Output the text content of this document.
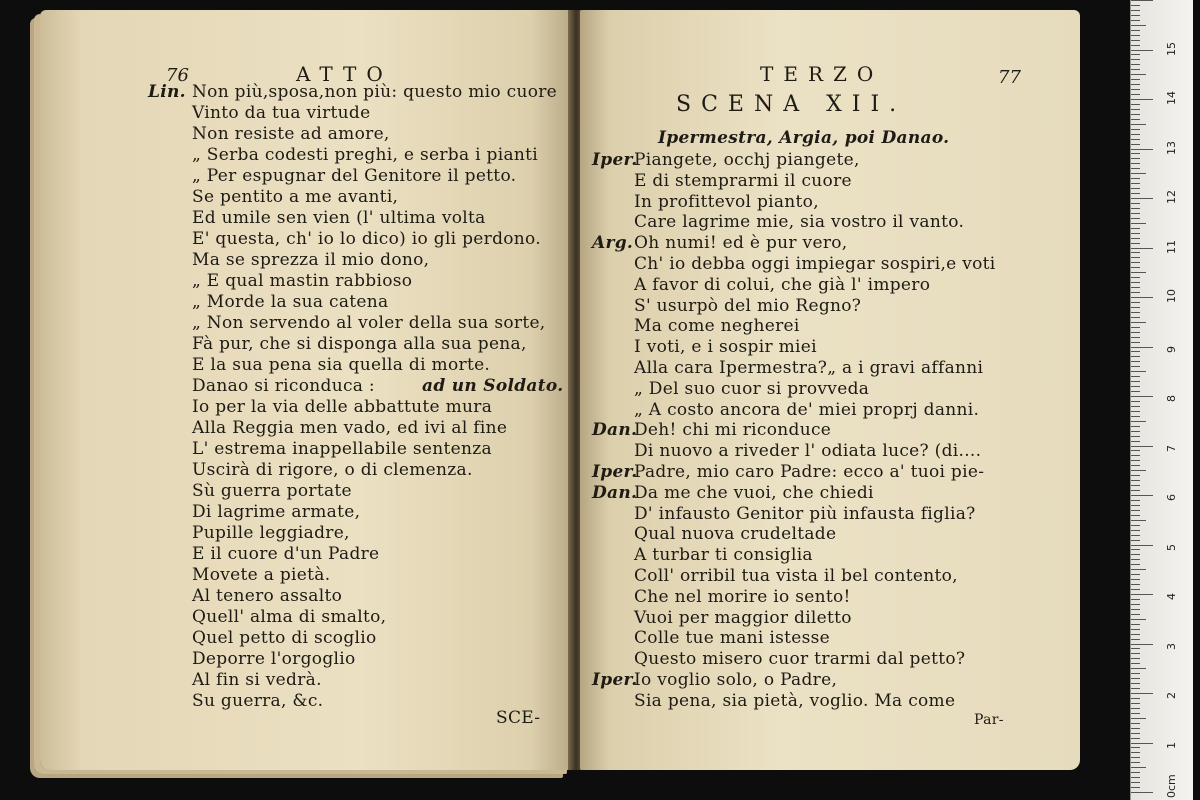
76	ATTO
Lin. Non più,sposa,non più: questo mio cuore
Vinto da tua virtude
Non resiste ad amore,
„ Serba codesti preghi, e serba i pianti
„ Per espugnar del Genitore il petto.
Se pentito a me avanti,
Ed umile sen vien (l' ultima volta
E' questa, ch' io lo dico) io gli perdono.
Ma se sprezza il mio dono,
„ E qual mastin rabbioso
„ Morde la sua catena
„ Non servendo al voler della sua sorte,
Fà pur, che si disponga alla sua pena,
E la sua pena sia quella di morte.
Danao si riconduca :	ad un Soldato.
Io per la via delle abbattute mura
Alla Reggia men vado, ed ivi al fine
L' estrema inappellabile sentenza
Uscirà di rigore, o di clemenza.
Sù guerra portate
Di lagrime armate,
Pupille leggiadre,
E il cuore d'un Padre
Movete a pietà.
Al tenero assalto
Quell' alma di smalto,
Quel petto di scoglio
Deporre l'orgoglio
Al fin si vedrà.
Su guerra, &c.
SCE-
TERZO	77
SCENA XII.
Ipermestra, Argia, poi Danao.
Iper.
Piangete, occhj piangete,
E di stemprarmi il cuore
In profittevol pianto,
Care lagrime mie, sia vostro il vanto.
Arg. Oh numi! ed è pur vero,
Ch' io debba oggi impiegar sospiri,e voti
A favor di colui, che già l' impero
S' usurpò del mio Regno?
Ma come negherei
I voti, e i sospir miei
Alla cara Ipermestra?„ a i gravi affanni
„ Del suo cuor si provveda
„ A costo ancora de' miei proprj danni.
Dan.
Deh! chi mi riconduce
Di nuovo a riveder l' odiata luce? (di....
Iper.
Padre, mio caro Padre: ecco a' tuoi pie-
Dan.
Da me che vuoi, che chiedi
D' infausto Genitor più infausta figlia?
Qual nuova crudeltade
A turbar ti consiglia
Coll' orribil tua vista il bel contento,
Che nel morire io sento!
Vuoi per maggior diletto
Colle tue mani istesse
Questo misero cuor trarmi dal petto?
Iper.
Io voglio solo, o Padre,
Sia pena, sia pietà, voglio. Ma come
Par-
0cm
1
2
3
4
5
6
7
8
9
10
11
12
13
14
15
